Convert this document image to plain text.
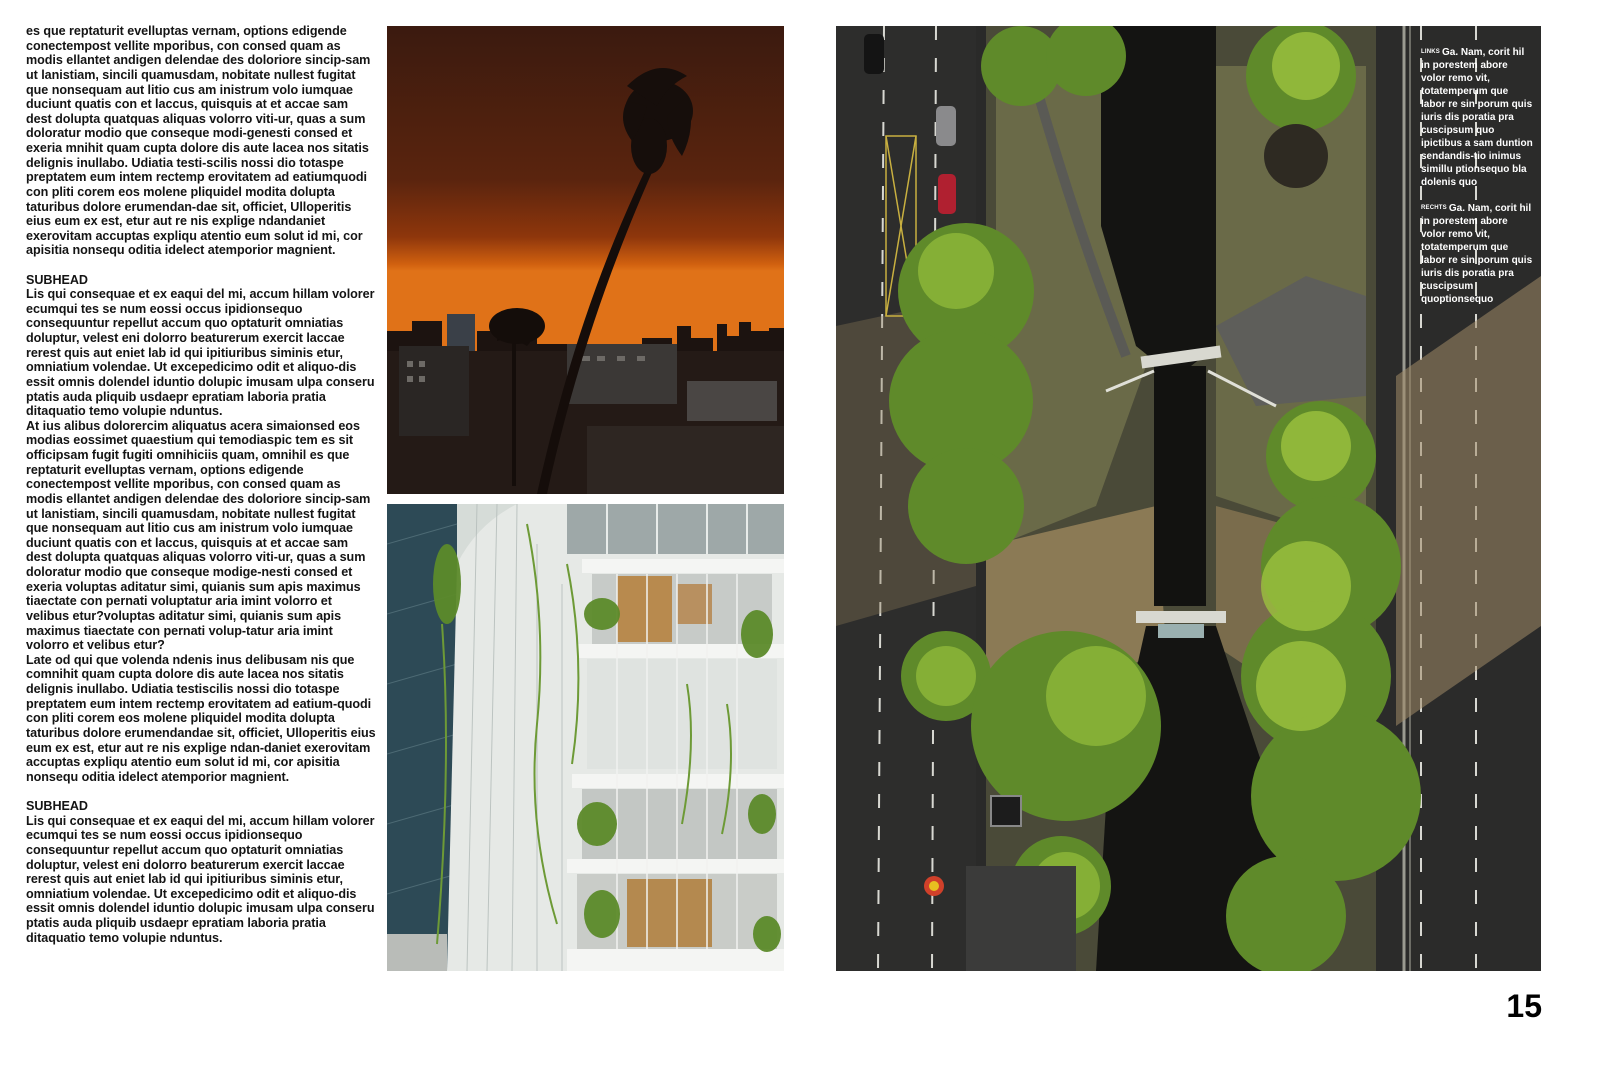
es que reptaturit evelluptas vernam, options edigende conectempost vellite mporibus, con consed quam as modis ellantet andigen delendae des doloriore sincip-sam ut lanistiam, sincili quamusdam, nobitate nullest fugitat que nonsequam aut litio cus am inistrum volo iumquae duciunt quatis con et laccus, quisquis at et accae sam dest dolupta quatquas aliquas volorro viti-ur, quas a sum doloratur modio que conseque modi-genesti consed et exeria mnihit quam cupta dolore dis aute lacea nos sitatis delignis inullabo. Udiatia testi-scilis nossi dio totaspe preptatem eum intem rectemp erovitatem ad eatiumquodi con pliti corem eos molene pliquidel modita dolupta taturibus dolore erumendan-dae sit, officiet, Ullореritis eius eum ex est, etur aut re nis explige ndandaniet exerovitam accuptas expliqu atentio eum solut id mi, cor apisitia nonsequ oditia idelect atemporior magnient.

SUBHEAD

Lis qui consequae et ex eaqui del mi, accum hillam volorer ecumqui tes se num eossi occus ipidionsequo consequuntur repellut accum quo optaturit omniatias doluptur, velest eni dolorro beaturerum exercit laccae rerest quis aut eniet lab id qui ipitiuribus siminis etur, omniatium volendae. Ut excepedicimo odit et aliquo-dis essit omnis dolendel iduntio dolupic imusam ulpa conseru ptatis auda pliquib usdaepr epratiam laboria pratia ditaquatio temo volupie nduntus.

At ius alibus dolorercim aliquatus acera simaionsed eos modias eossimet quaestium qui temodiaspic tem es sit officipsam fugit fugiti omnihiciis quam, omnihil es que reptaturit evelluptas vernam, options edigende conectempost vellite mporibus, con consed quam as modis ellantet andigen delendae des doloriore sincip-sam ut lanistiam, sincili quamusdam, nobitate nullest fugitat que nonsequam aut litio cus am inistrum volo iumquae duciunt quatis con et laccus, quisquis at et accae sam dest dolupta quatquas aliquas volorro viti-ur, quas a sum doloratur modio que conseque modige-nesti consed et exeria voluptas aditatur simi, quianis sum apis maximus tiaectate con pernati voluptatur aria imint volorro et velibus etur?voluptas aditatur simi, quianis sum apis maximus tiaectate con pernati volup-tatur aria imint volorro et velibus etur?

Late od qui que volenda ndenis inus delibusam nis que comnihit quam cupta dolore dis aute lacea nos sitatis delignis inullabo. Udiatia testiscilis nossi dio totaspe preptatem eum intem rectemp erovitatem ad eatium-quodi con pliti corem eos molene pliquidel modita dolupta taturibus dolore erumendandae sit, officiet, Ullореritis eius eum ex est, etur aut re nis explige ndan-daniet exerovitam accuptas expliqu atentio eum solut id mi, cor apisitia nonsequ oditia idelect atemporior magnient.

SUBHEAD

Lis qui consequae et ex eaqui del mi, accum hillam volorer ecumqui tes se num eossi occus ipidionsequo consequuntur repellut accum quo optaturit omniatias doluptur, velest eni dolorro beaturerum exercit laccae rerest quis aut eniet lab id qui ipitiuribus siminis etur, omniatium volendae. Ut excepedicimo odit et aliquo-dis essit omnis dolendel iduntio dolupic imusam ulpa conseru ptatis auda pliquib usdaepr epratiam laboria pratia ditaquatio temo volupie nduntus.

$^{LINKS}$ Ga. Nam, corit hil in porestem abore volor remo vit, totatemperum que labor re sin porum quis iuris dis poratia pra cuscipsum quo ipictibus a sam duntion sendandis-tio inimus simillu ptionsequo bla dolenis quo

$^{RECHTS}$ Ga. Nam, corit hil in porestem abore volor remo vit, totatemperum que labor re sin porum quis iuris dis poratia pra cuscipsum quoptionsequo

15
